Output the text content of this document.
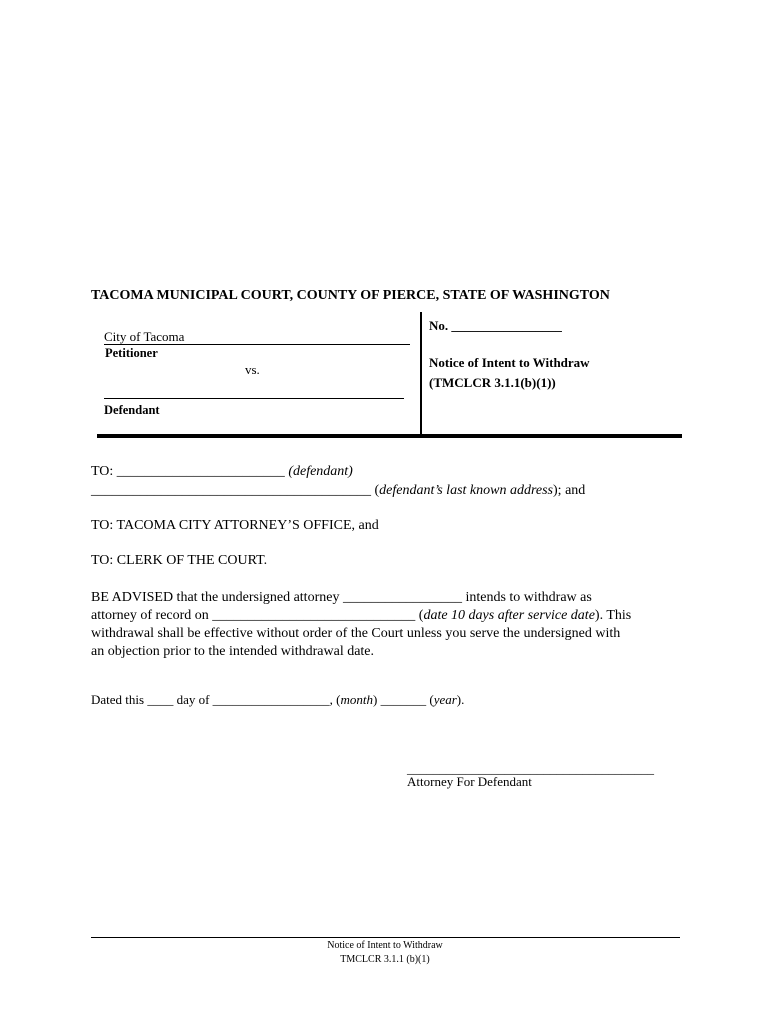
TACOMA MUNICIPAL COURT, COUNTY OF PIERCE, STATE OF WASHINGTON
City of Tacoma
Petitioner
vs.
Defendant
No. _________________
Notice of Intent to Withdraw
(TMCLCR 3.1.1(b)(1))
TO: ________________________ (defendant)
________________________________________ (defendant’s last known address); and
TO: TACOMA CITY ATTORNEY’S OFFICE, and
TO: CLERK OF THE COURT.
BE ADVISED that the undersigned attorney _________________ intends to withdraw as
attorney of record on _____________________________ (date 10 days after service date). This
withdrawal shall be effective without order of the Court unless you serve the undersigned with
an objection prior to the intended withdrawal date.
Dated this ____ day of __________________, (month) _______ (year).
______________________________________
Attorney For Defendant
Notice of Intent to Withdraw
TMCLCR 3.1.1 (b)(1)
